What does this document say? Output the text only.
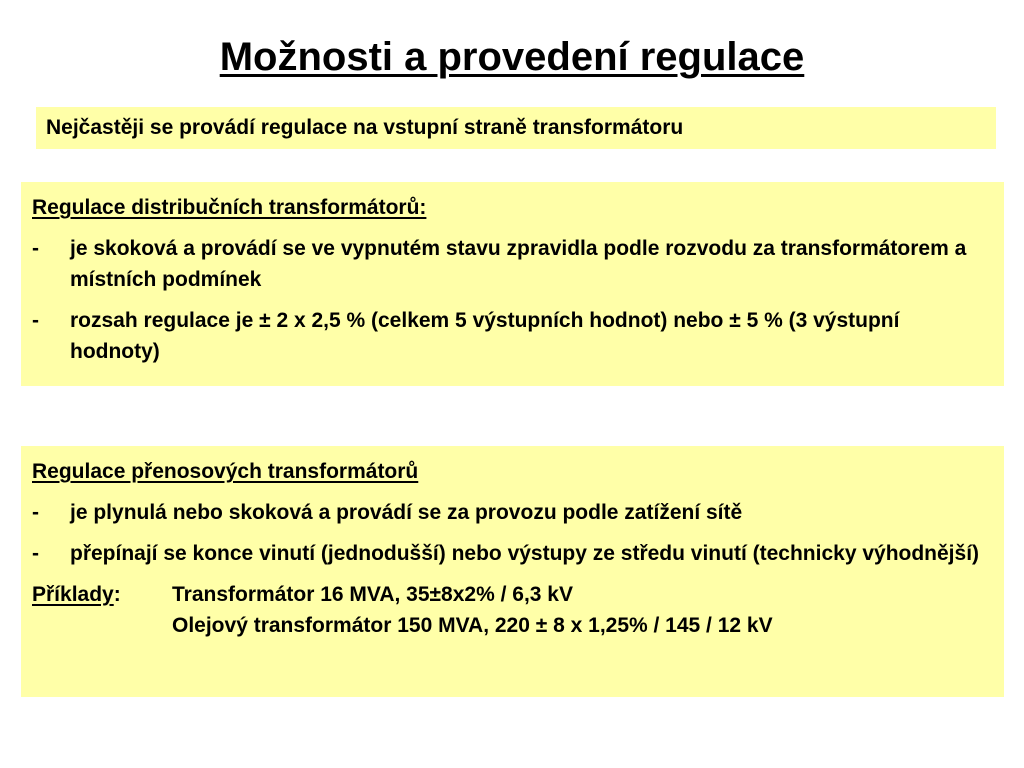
Možnosti a provedení regulace
Nejčastěji se provádí regulace na vstupní straně transformátoru
Regulace distribučních transformátorů:
-	je skoková a provádí se ve vypnutém stavu zpravidla podle rozvodu za transformátorem a místních podmínek
-	rozsah regulace je ± 2 x 2,5 % (celkem 5 výstupních hodnot) nebo ± 5 % (3 výstupní hodnoty)
Regulace přenosových transformátorů
-	je plynulá nebo skoková a provádí se za provozu podle zatížení sítě
-	přepínají se konce vinutí (jednodušší) nebo výstupy ze středu vinutí (technicky výhodnější)
Příklady:	Transformátor 16 MVA, 35±8x2% / 6,3 kV
Olejový transformátor 150 MVA, 220 ± 8 x 1,25% / 145 / 12 kV
